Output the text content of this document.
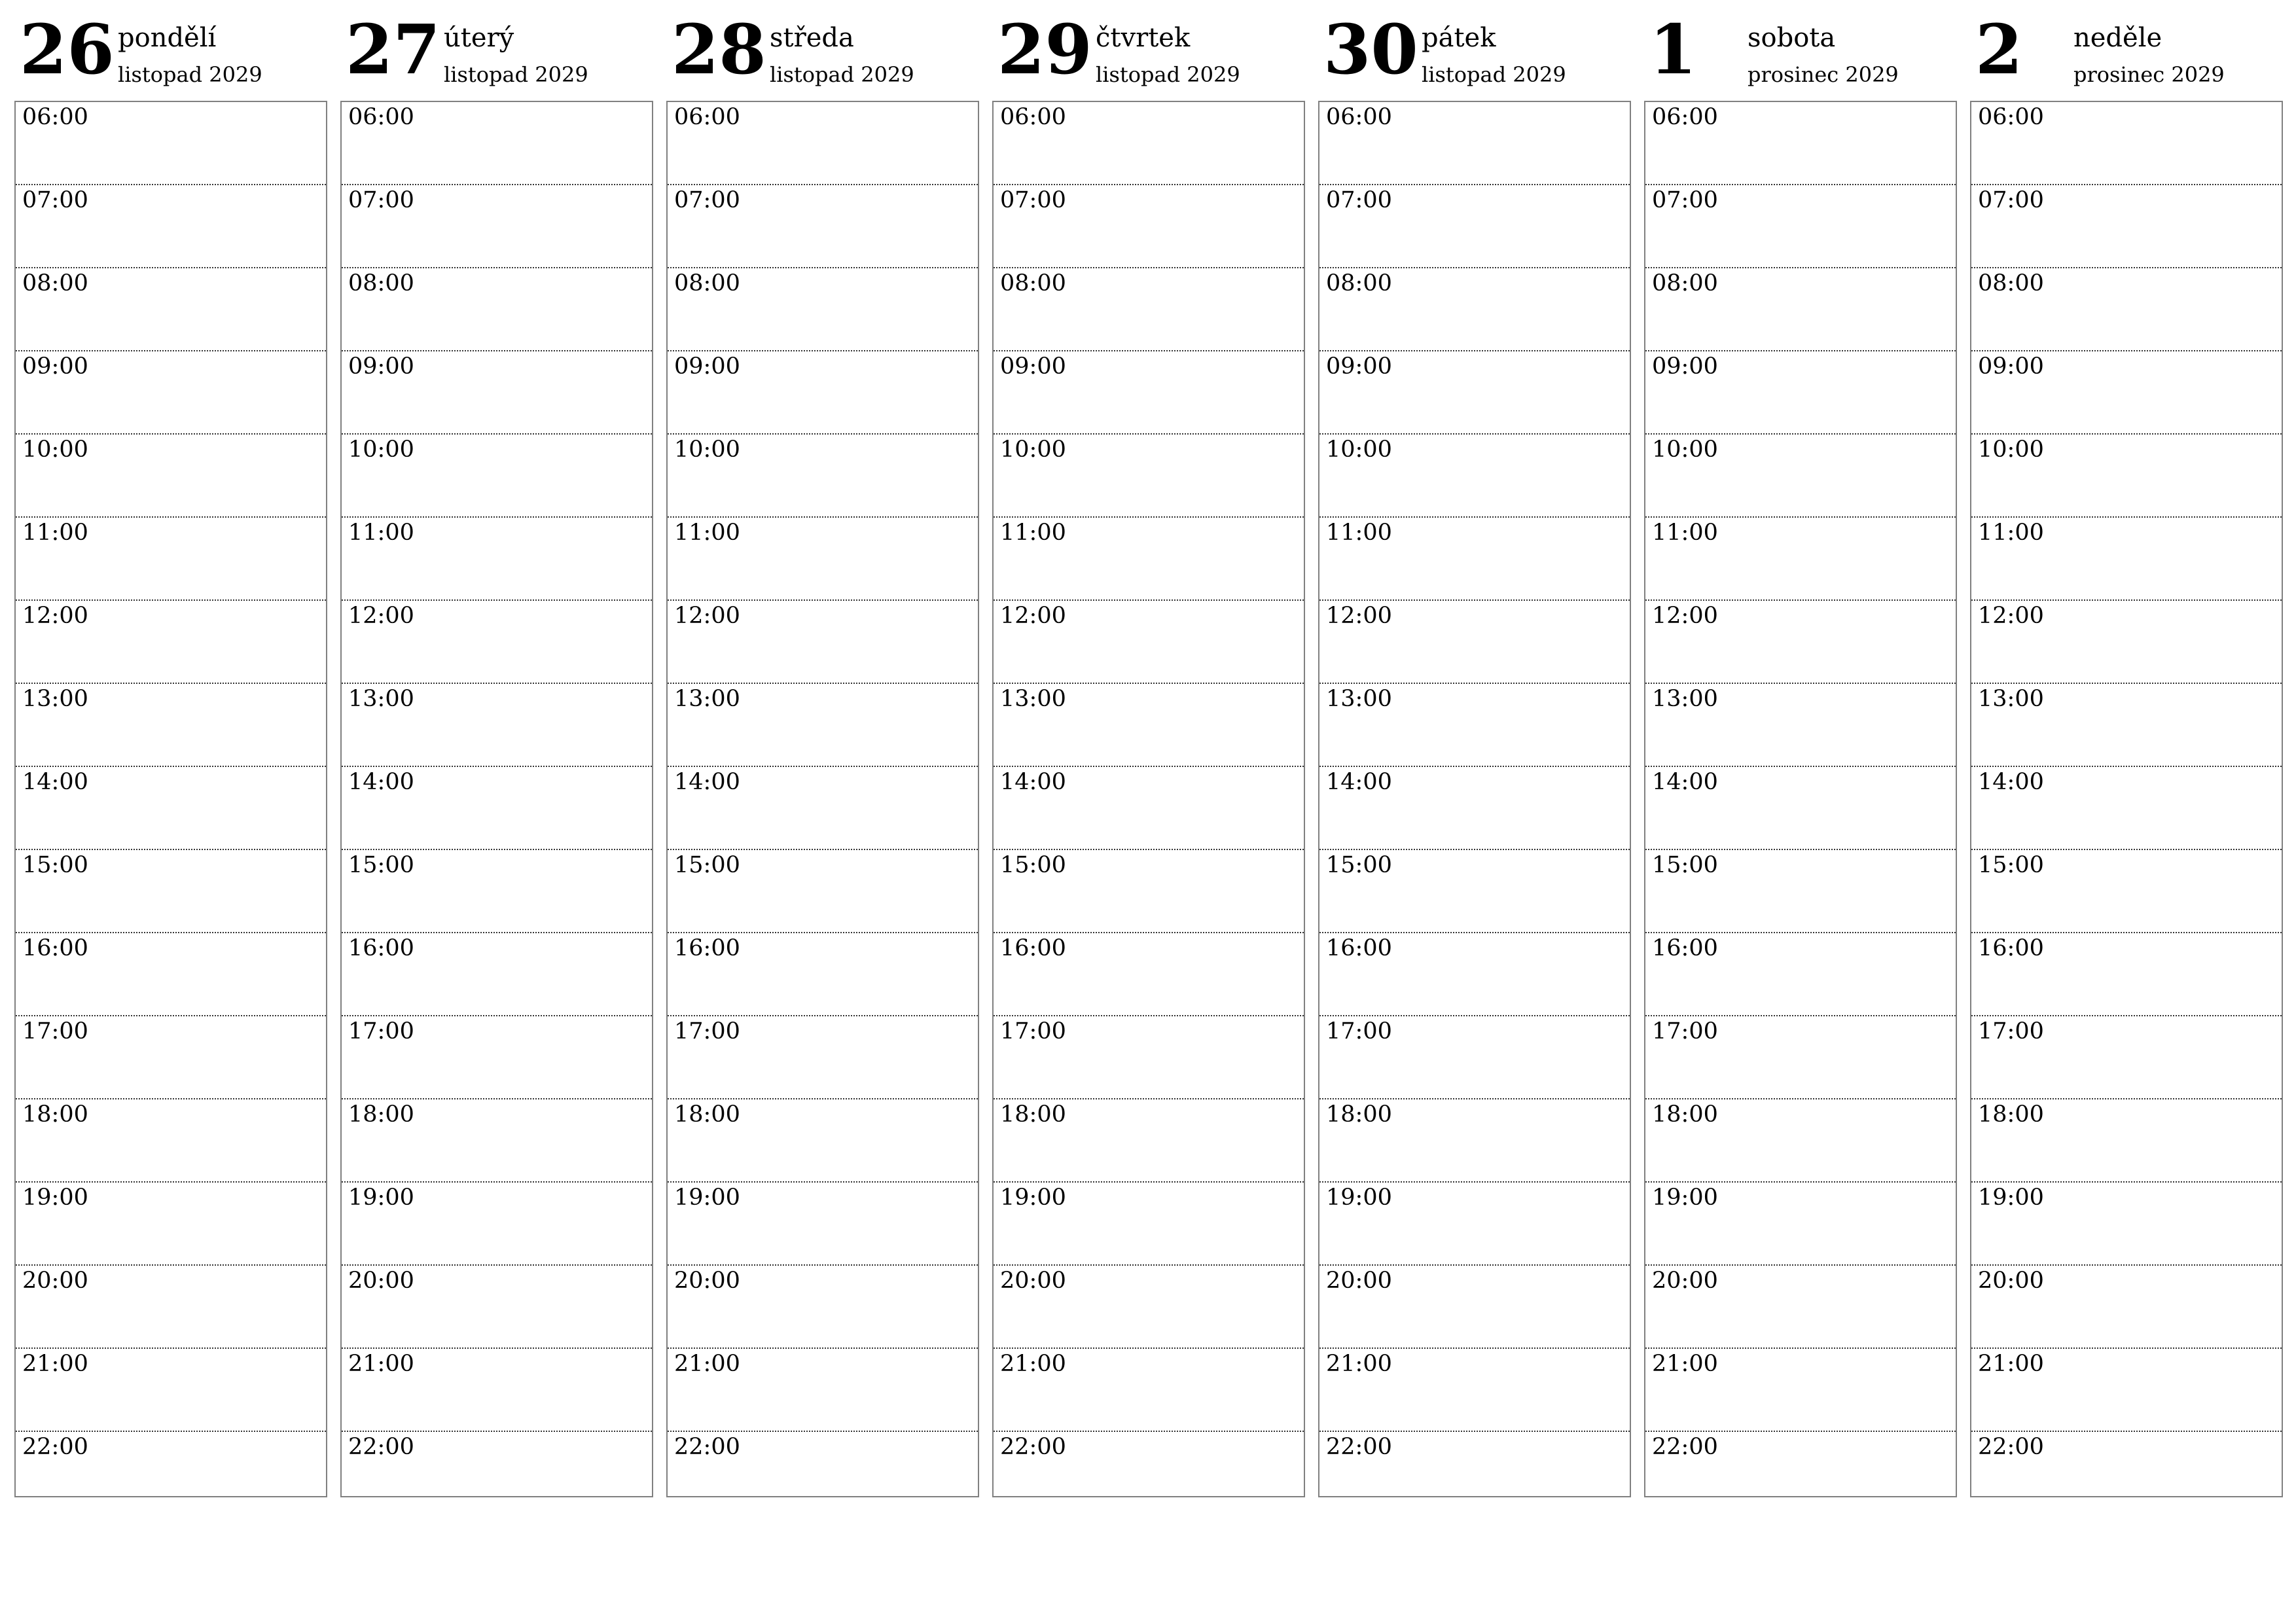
26 pondělí
listopad 2029
06:00
07:00
08:00
09:00
10:00
11:00
12:00
13:00
14:00
15:00
16:00
17:00
18:00
19:00
20:00
21:00
22:00
27 úterý
listopad 2029
06:00
07:00
08:00
09:00
10:00
11:00
12:00
13:00
14:00
15:00
16:00
17:00
18:00
19:00
20:00
21:00
22:00
28 středa
listopad 2029
06:00
07:00
08:00
09:00
10:00
11:00
12:00
13:00
14:00
15:00
16:00
17:00
18:00
19:00
20:00
21:00
22:00
29 čtvrtek
listopad 2029
06:00
07:00
08:00
09:00
10:00
11:00
12:00
13:00
14:00
15:00
16:00
17:00
18:00
19:00
20:00
21:00
22:00
30 pátek
listopad 2029
06:00
07:00
08:00
09:00
10:00
11:00
12:00
13:00
14:00
15:00
16:00
17:00
18:00
19:00
20:00
21:00
22:00
1 sobota
prosinec 2029
06:00
07:00
08:00
09:00
10:00
11:00
12:00
13:00
14:00
15:00
16:00
17:00
18:00
19:00
20:00
21:00
22:00
2 neděle
prosinec 2029
06:00
07:00
08:00
09:00
10:00
11:00
12:00
13:00
14:00
15:00
16:00
17:00
18:00
19:00
20:00
21:00
22:00
